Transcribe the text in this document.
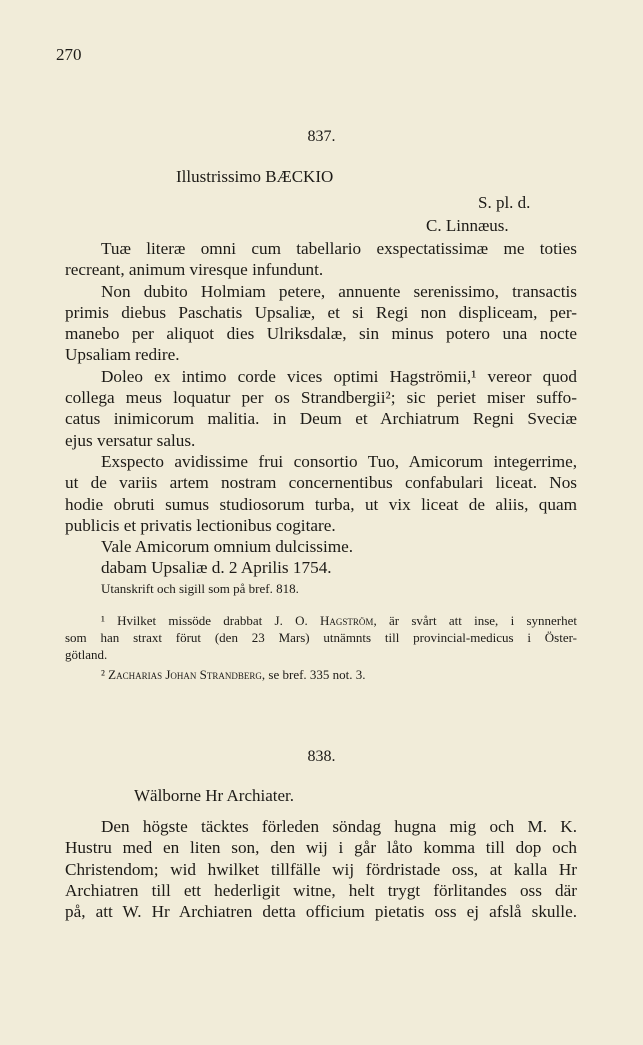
270
837.
Illustrissimo BÆCKIO
S. pl. d.
C. Linnæus.
Tuæ literæ omni cum tabellario exspectatissimæ me toties
recreant, animum viresque infundunt.
Non dubito Holmiam petere, annuente serenissimo, transactis
primis diebus Paschatis Upsaliæ, et si Regi non displiceam, per-
manebo per aliquot dies Ulriksdalæ, sin minus potero una nocte
Upsaliam redire.
Doleo ex intimo corde vices optimi Hagströmii,¹ vereor quod
collega meus loquatur per os Strandbergii²; sic periet miser suffo-
catus inimicorum malitia. in Deum et Archiatrum Regni Sveciæ
ejus versatur salus.
Exspecto avidissime frui consortio Tuo, Amicorum integerrime,
ut de variis artem nostram concernentibus confabulari liceat. Nos
hodie obruti sumus studiosorum turba, ut vix liceat de aliis, quam
publicis et privatis lectionibus cogitare.
Vale Amicorum omnium dulcissime.
dabam Upsaliæ d. 2 Aprilis 1754.
Utanskrift och sigill som på bref. 818.
¹ Hvilket missöde drabbat J. O. Hagström, är svårt att inse, i synnerhet
som han straxt förut (den 23 Mars) utnämnts till provincial-medicus i Öster-
götland.
² Zacharias Johan Strandberg, se bref. 335 not. 3.
838.
Wälborne Hr Archiater.
Den högste täcktes förleden söndag hugna mig och M. K.
Hustru med en liten son, den wij i går låto komma till dop och
Christendom; wid hwilket tillfälle wij fördristade oss, at kalla Hr
Archiatren till ett hederligit witne, helt trygt förlitandes oss där
på, att W. Hr Archiatren detta officium pietatis oss ej afslå skulle.
